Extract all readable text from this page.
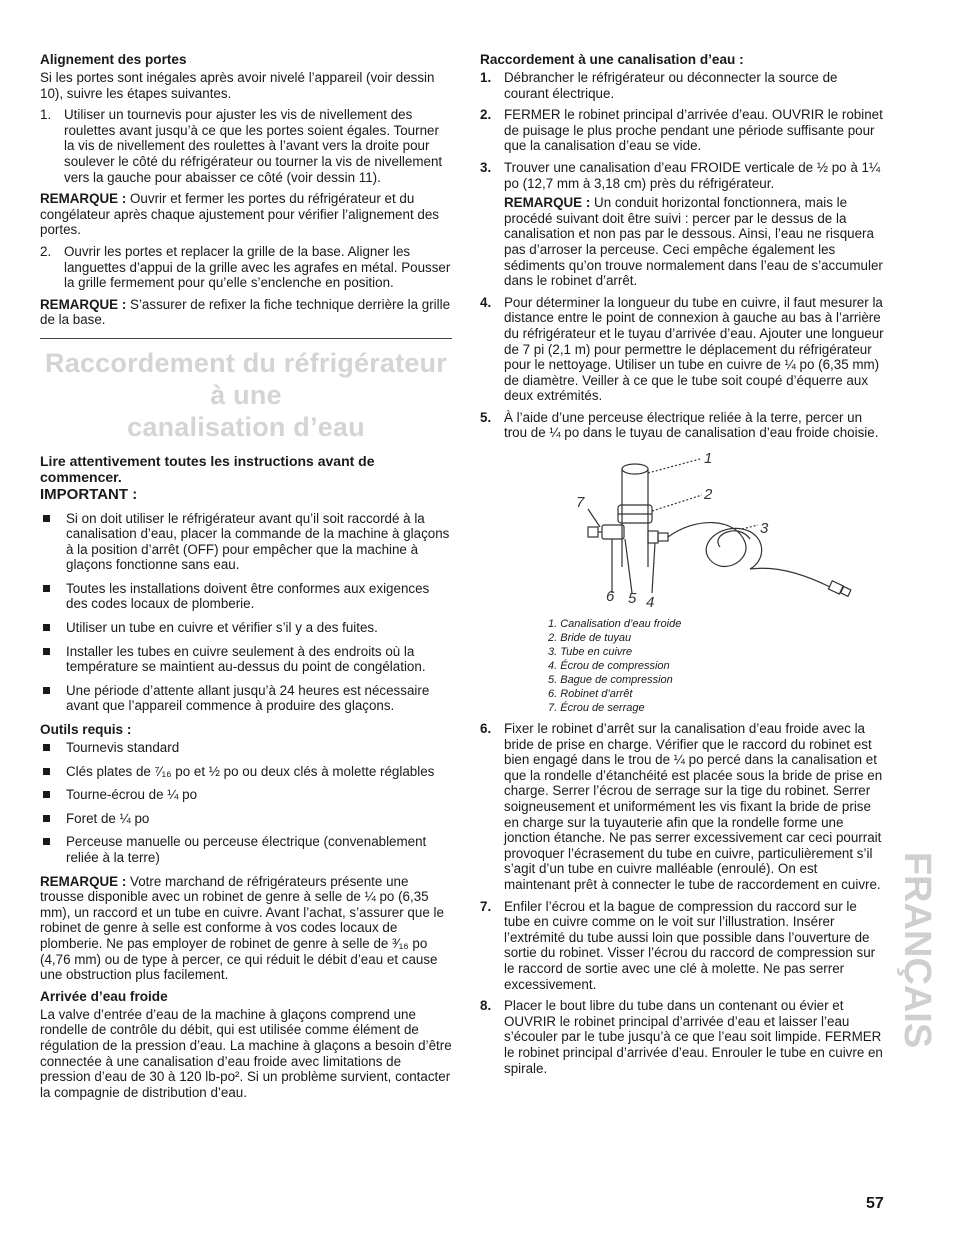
Alignement des portes

Si les portes sont inégales après avoir nivelé l’appareil (voir dessin 10), suivre les étapes suivantes.

1. Utiliser un tournevis pour ajuster les vis de nivellement des roulettes avant jusqu’à ce que les portes soient égales. Tourner la vis de nivellement des roulettes à l’avant vers la droite pour soulever le côté du réfrigérateur ou tourner la vis de nivellement vers la gauche pour abaisser ce côté (voir dessin 11).

REMARQUE : Ouvrir et fermer les portes du réfrigérateur et du congélateur après chaque ajustement pour vérifier l’alignement des portes.

2. Ouvrir les portes et replacer la grille de la base. Aligner les languettes d’appui de la grille avec les agrafes en métal. Pousser la grille fermement pour qu’elle s’enclenche en position.

REMARQUE : S’assurer de refixer la fiche technique derrière la grille de la base.

Raccordement du réfrigérateur à une
canalisation d’eau
Lire attentivement toutes les instructions avant de commencer.
IMPORTANT :
Si on doit utiliser le réfrigérateur avant qu’il soit raccordé à la canalisation d’eau, placer la commande de la machine à glaçons à la position d’arrêt (OFF) pour empêcher que la machine à glaçons fonctionne sans eau.
Toutes les installations doivent être conformes aux exigences des codes locaux de plomberie.
Utiliser un tube en cuivre et vérifier s’il y a des fuites.
Installer les tubes en cuivre seulement à des endroits où la température se maintient au-dessus du point de congélation.
Une période d’attente allant jusqu’à 24 heures est nécessaire avant que l’appareil commence à produire des glaçons.
Outils requis :
Tournevis standard
Clés plates de ⁷⁄₁₆ po et ½ po ou deux clés à molette réglables
Tourne-écrou de ¼ po
Foret de ¼ po
Perceuse manuelle ou perceuse électrique (convenablement reliée à la terre)

REMARQUE : Votre marchand de réfrigérateurs présente une trousse disponible avec un robinet de genre à selle de ¼ po (6,35 mm), un raccord et un tube en cuivre. Avant l’achat, s’assurer que le robinet de genre à selle est conforme à vos codes locaux de plomberie. Ne pas employer de robinet de genre à selle de ³⁄₁₆ po (4,76 mm) ou de type à percer, ce qui réduit le débit d’eau et cause une obstruction plus facilement.

Arrivée d’eau froide

La valve d’entrée d’eau de la machine à glaçons comprend une rondelle de contrôle du débit, qui est utilisée comme élément de régulation de la pression d’eau. La machine à glaçons a besoin d’être connectée à une canalisation d’eau froide avec limitations de pression d’eau de 30 à 120 lb-po². Si un problème survient, contacter la compagnie de distribution d’eau.

Raccordement à une canalisation d’eau :
1. Débrancher le réfrigérateur ou déconnecter la source de courant électrique.
2. FERMER le robinet principal d’arrivée d’eau. OUVRIR le robinet de puisage le plus proche pendant une période suffisante pour que la canalisation d’eau se vide.
3. Trouver une canalisation d’eau FROIDE verticale de ½ po à 1¼ po (12,7 mm à 3,18 cm) près du réfrigérateur.
REMARQUE : Un conduit horizontal fonctionnera, mais le procédé suivant doit être suivi : percer par le dessus de la canalisation et non pas par le dessous. Ainsi, l’eau ne risquera pas d’arroser la perceuse. Ceci empêche également les sédiments qu’on trouve normalement dans l’eau de s’accumuler dans le robinet d’arrêt.
4. Pour déterminer la longueur du tube en cuivre, il faut mesurer la distance entre le point de connexion à gauche au bas à l’arrière du réfrigérateur et le tuyau d’arrivée d’eau. Ajouter une longueur de 7 pi (2,1 m) pour permettre le déplacement du réfrigérateur pour le nettoyage. Utiliser un tube en cuivre de ¼ po (6,35 mm) de diamètre. Veiller à ce que le tube soit coupé d’équerre aux deux extrémités.
5. À l’aide d’une perceuse électrique reliée à la terre, percer un trou de ¼ po dans le tuyau de canalisation d’eau froide choisie.
1
2
3
4
5
6
7
1. Canalisation d’eau froide
2. Bride de tuyau
3. Tube en cuivre
4. Écrou de compression
5. Bague de compression
6. Robinet d’arrêt
7. Écrou de serrage
6. Fixer le robinet d’arrêt sur la canalisation d’eau froide avec la bride de prise en charge. Vérifier que le raccord du robinet est bien engagé dans le trou de ¼ po percé dans la canalisation et que la rondelle d’étanchéité est placée sous la bride de prise en charge. Serrer l’écrou de serrage sur la tige du robinet. Serrer soigneusement et uniformément les vis fixant la bride de prise en charge sur la tuyauterie afin que la rondelle forme une jonction étanche. Ne pas serrer excessivement car ceci pourrait provoquer l’écrasement du tube en cuivre, particulièrement s’il s’agit d’un tube en cuivre malléable (enroulé). On est maintenant prêt à connecter le tube de raccordement en cuivre.
7. Enfiler l’écrou et la bague de compression du raccord sur le tube en cuivre comme on le voit sur l’illustration. Insérer l’extrémité du tube aussi loin que possible dans l’ouverture de sortie du robinet. Visser l’écrou du raccord de compression sur le raccord de sortie avec une clé à molette. Ne pas serrer excessivement.
8. Placer le bout libre du tube dans un contenant ou évier et OUVRIR le robinet principal d’arrivée d’eau et laisser l’eau s’écouler par le tube jusqu’à ce que l’eau soit limpide. FERMER le robinet principal d’arrivée d’eau. Enrouler le tube en cuivre en spirale.
FRANÇAIS
57
